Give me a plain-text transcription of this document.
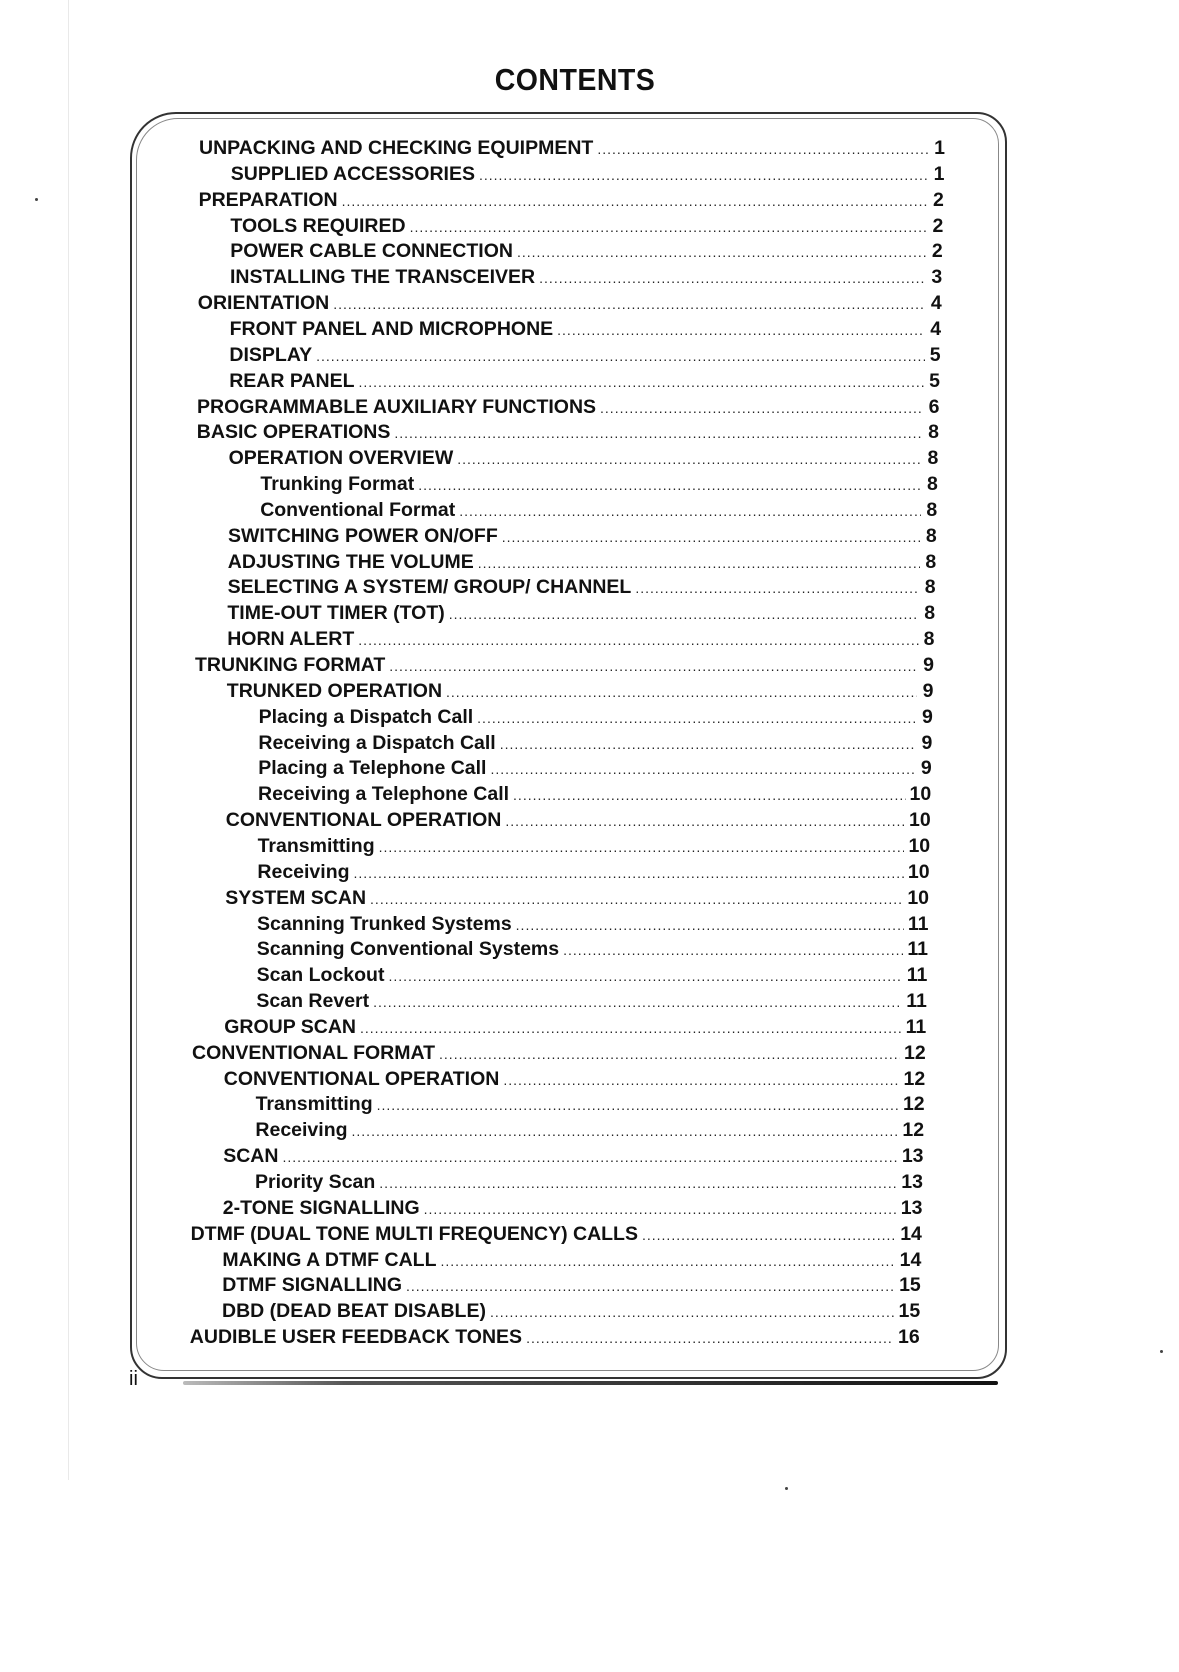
CONTENTS
UNPACKING AND CHECKING EQUIPMENT .....	1
SUPPLIED ACCESSORIES .....	1
PREPARATION .....	2
TOOLS REQUIRED .....	2
POWER CABLE CONNECTION .....	2
INSTALLING THE TRANSCEIVER .....	3
ORIENTATION .....	4
FRONT PANEL AND MICROPHONE .....	4
DISPLAY .....	5
REAR PANEL .....	5
PROGRAMMABLE AUXILIARY FUNCTIONS .....	6
BASIC OPERATIONS .....	8
OPERATION OVERVIEW .....	8
Trunking Format .....	8
Conventional Format .....	8
SWITCHING POWER ON/OFF .....	8
ADJUSTING THE VOLUME .....	8
SELECTING A SYSTEM/ GROUP/ CHANNEL .....	8
TIME-OUT TIMER (TOT) .....	8
HORN ALERT .....	8
TRUNKING FORMAT .....	9
TRUNKED OPERATION .....	9
Placing a Dispatch Call .....	9
Receiving a Dispatch Call .....	9
Placing a Telephone Call .....	9
Receiving a Telephone Call .....	10
CONVENTIONAL OPERATION .....	10
Transmitting .....	10
Receiving .....	10
SYSTEM SCAN .....	10
Scanning Trunked Systems .....	11
Scanning Conventional Systems .....	11
Scan Lockout .....	11
Scan Revert .....	11
GROUP SCAN .....	11
CONVENTIONAL FORMAT .....	12
CONVENTIONAL OPERATION .....	12
Transmitting .....	12
Receiving .....	12
SCAN .....	13
Priority Scan .....	13
2-TONE SIGNALLING .....	13
DTMF (DUAL TONE MULTI FREQUENCY) CALLS .....	14
MAKING A DTMF CALL .....	14
DTMF SIGNALLING .....	15
DBD (DEAD BEAT DISABLE) .....	15
AUDIBLE USER FEEDBACK TONES .....	16
ii
